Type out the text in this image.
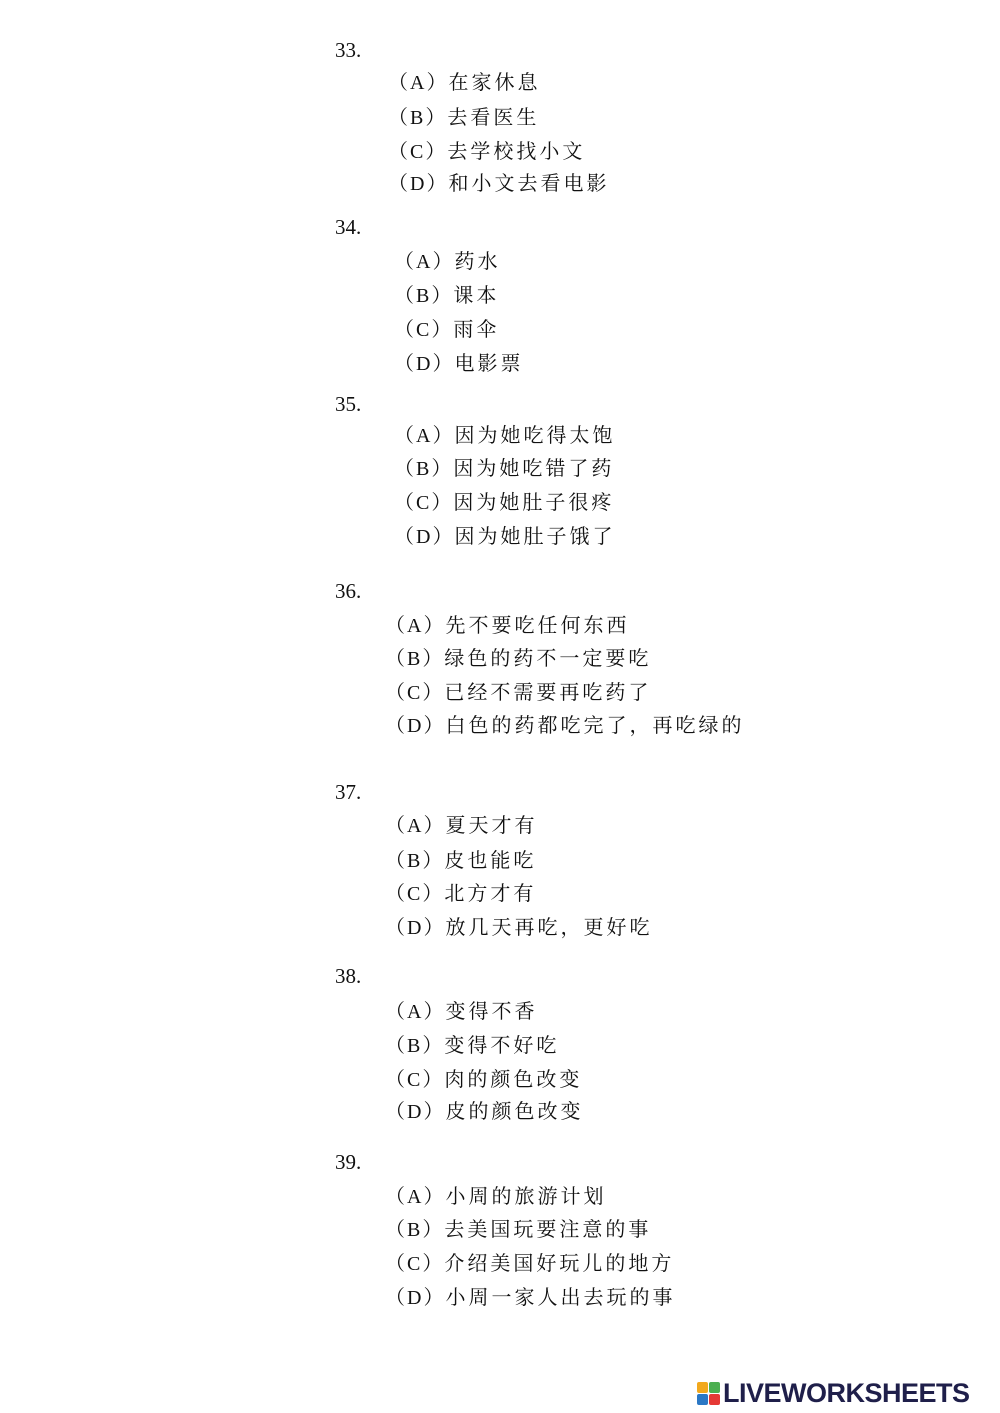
33.
（A）在家休息
（B）去看医生
（C）去学校找小文
（D）和小文去看电影
34.
（A）药水
（B）课本
（C）雨伞
（D）电影票
35.
（A）因为她吃得太饱
（B）因为她吃错了药
（C）因为她肚子很疼
（D）因为她肚子饿了
36.
（A）先不要吃任何东西
（B）绿色的药不一定要吃
（C）已经不需要再吃药了
（D）白色的药都吃完了，再吃绿的
37.
（A）夏天才有
（B）皮也能吃
（C）北方才有
（D）放几天再吃，更好吃
38.
（A）变得不香
（B）变得不好吃
（C）肉的颜色改变
（D）皮的颜色改变
39.
（A）小周的旅游计划
（B）去美国玩要注意的事
（C）介绍美国好玩儿的地方
（D）小周一家人出去玩的事
LIVEWORKSHEETS
